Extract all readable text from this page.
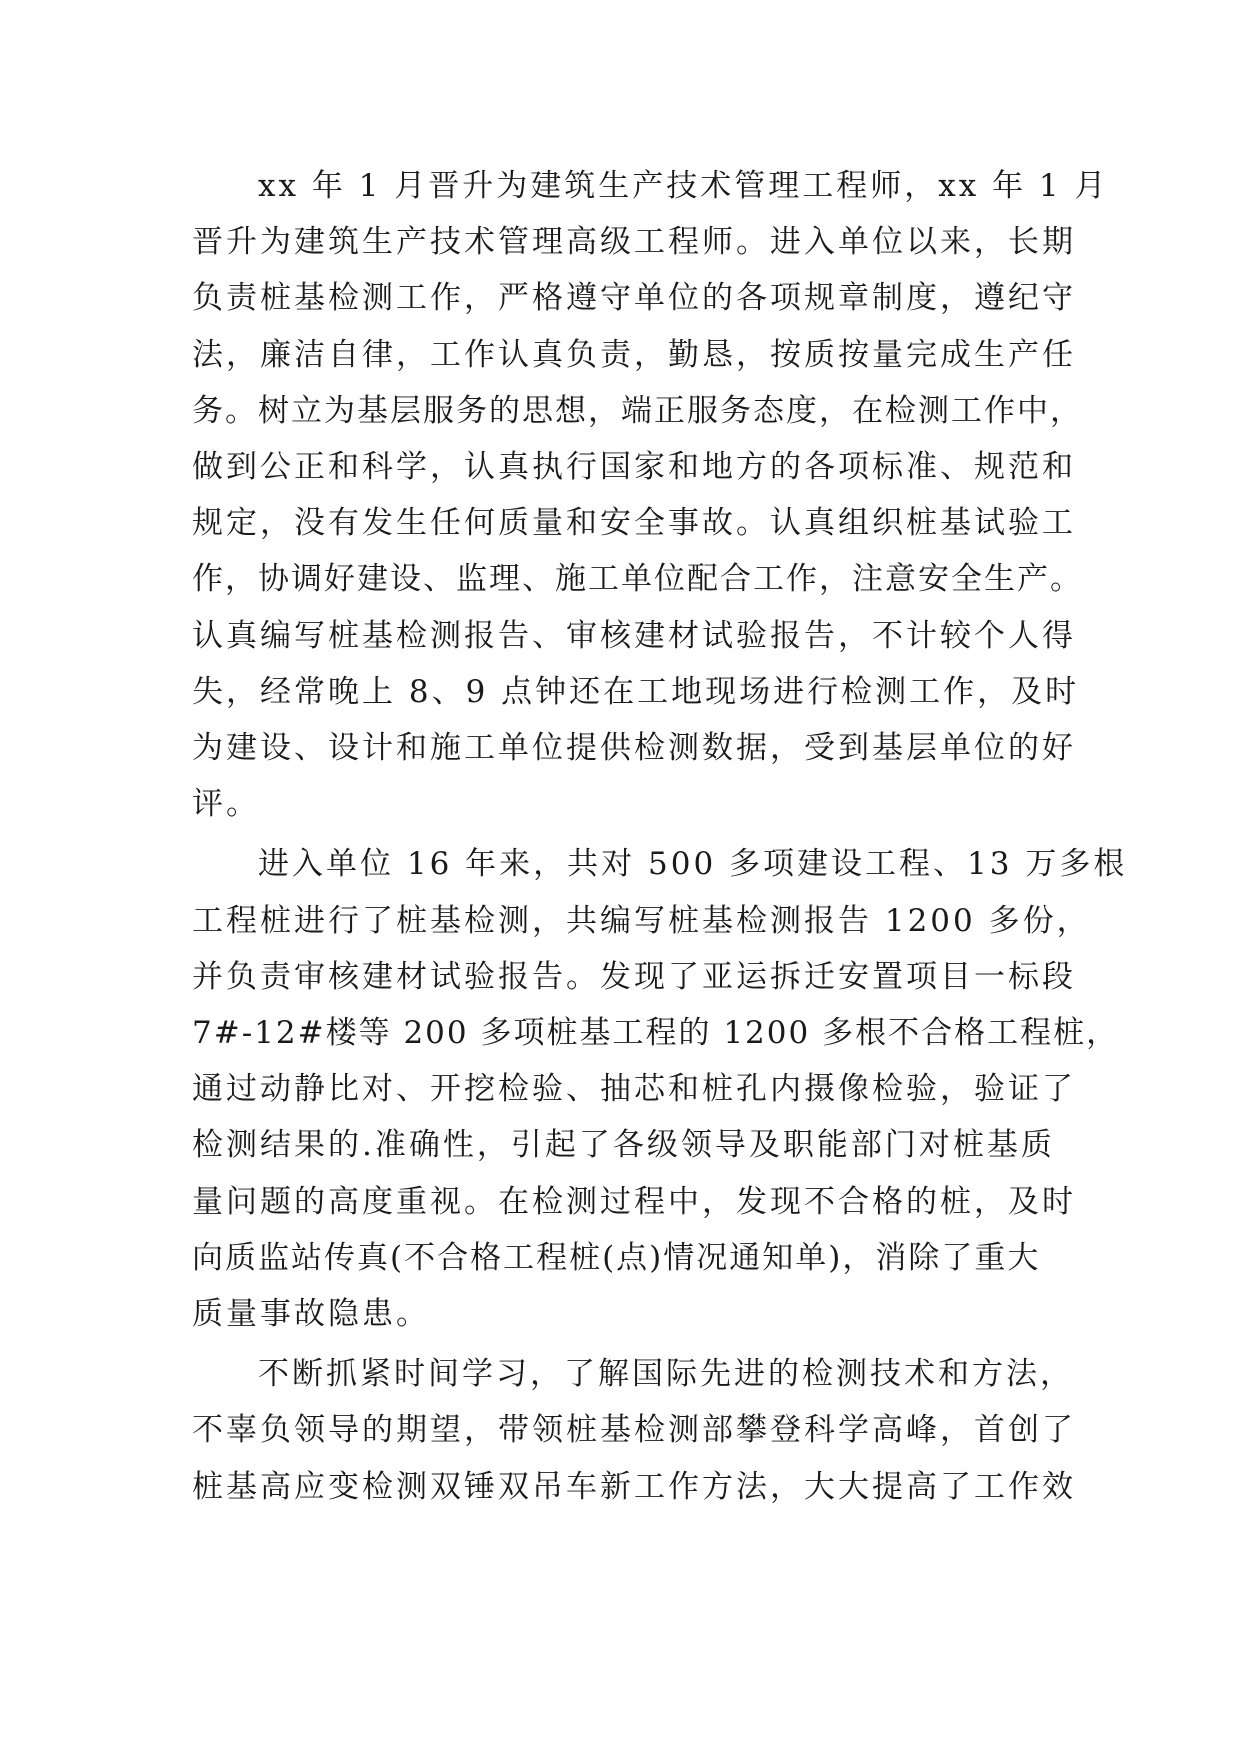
xx 年 1 月晋升为建筑生产技术管理工程师，xx 年 1 月
晋升为建筑生产技术管理高级工程师。进入单位以来，长期
负责桩基检测工作，严格遵守单位的各项规章制度，遵纪守
法，廉洁自律，工作认真负责，勤恳，按质按量完成生产任
务。树立为基层服务的思想，端正服务态度，在检测工作中，
做到公正和科学，认真执行国家和地方的各项标准、规范和
规定，没有发生任何质量和安全事故。认真组织桩基试验工
作，协调好建设、监理、施工单位配合工作，注意安全生产。
认真编写桩基检测报告、审核建材试验报告，不计较个人得
失，经常晚上 8、9 点钟还在工地现场进行检测工作，及时
为建设、设计和施工单位提供检测数据，受到基层单位的好
评。

进入单位 16 年来，共对 500 多项建设工程、13 万多根
工程桩进行了桩基检测，共编写桩基检测报告 1200 多份，
并负责审核建材试验报告。发现了亚运拆迁安置项目一标段
7#-12#楼等 200 多项桩基工程的 1200 多根不合格工程桩，
通过动静比对、开挖检验、抽芯和桩孔内摄像检验，验证了
检测结果的.准确性，引起了各级领导及职能部门对桩基质
量问题的高度重视。在检测过程中，发现不合格的桩，及时
向质监站传真(不合格工程桩(点)情况通知单)，消除了重大
质量事故隐患。

不断抓紧时间学习，了解国际先进的检测技术和方法，
不辜负领导的期望，带领桩基检测部攀登科学高峰，首创了
桩基高应变检测双锤双吊车新工作方法，大大提高了工作效
